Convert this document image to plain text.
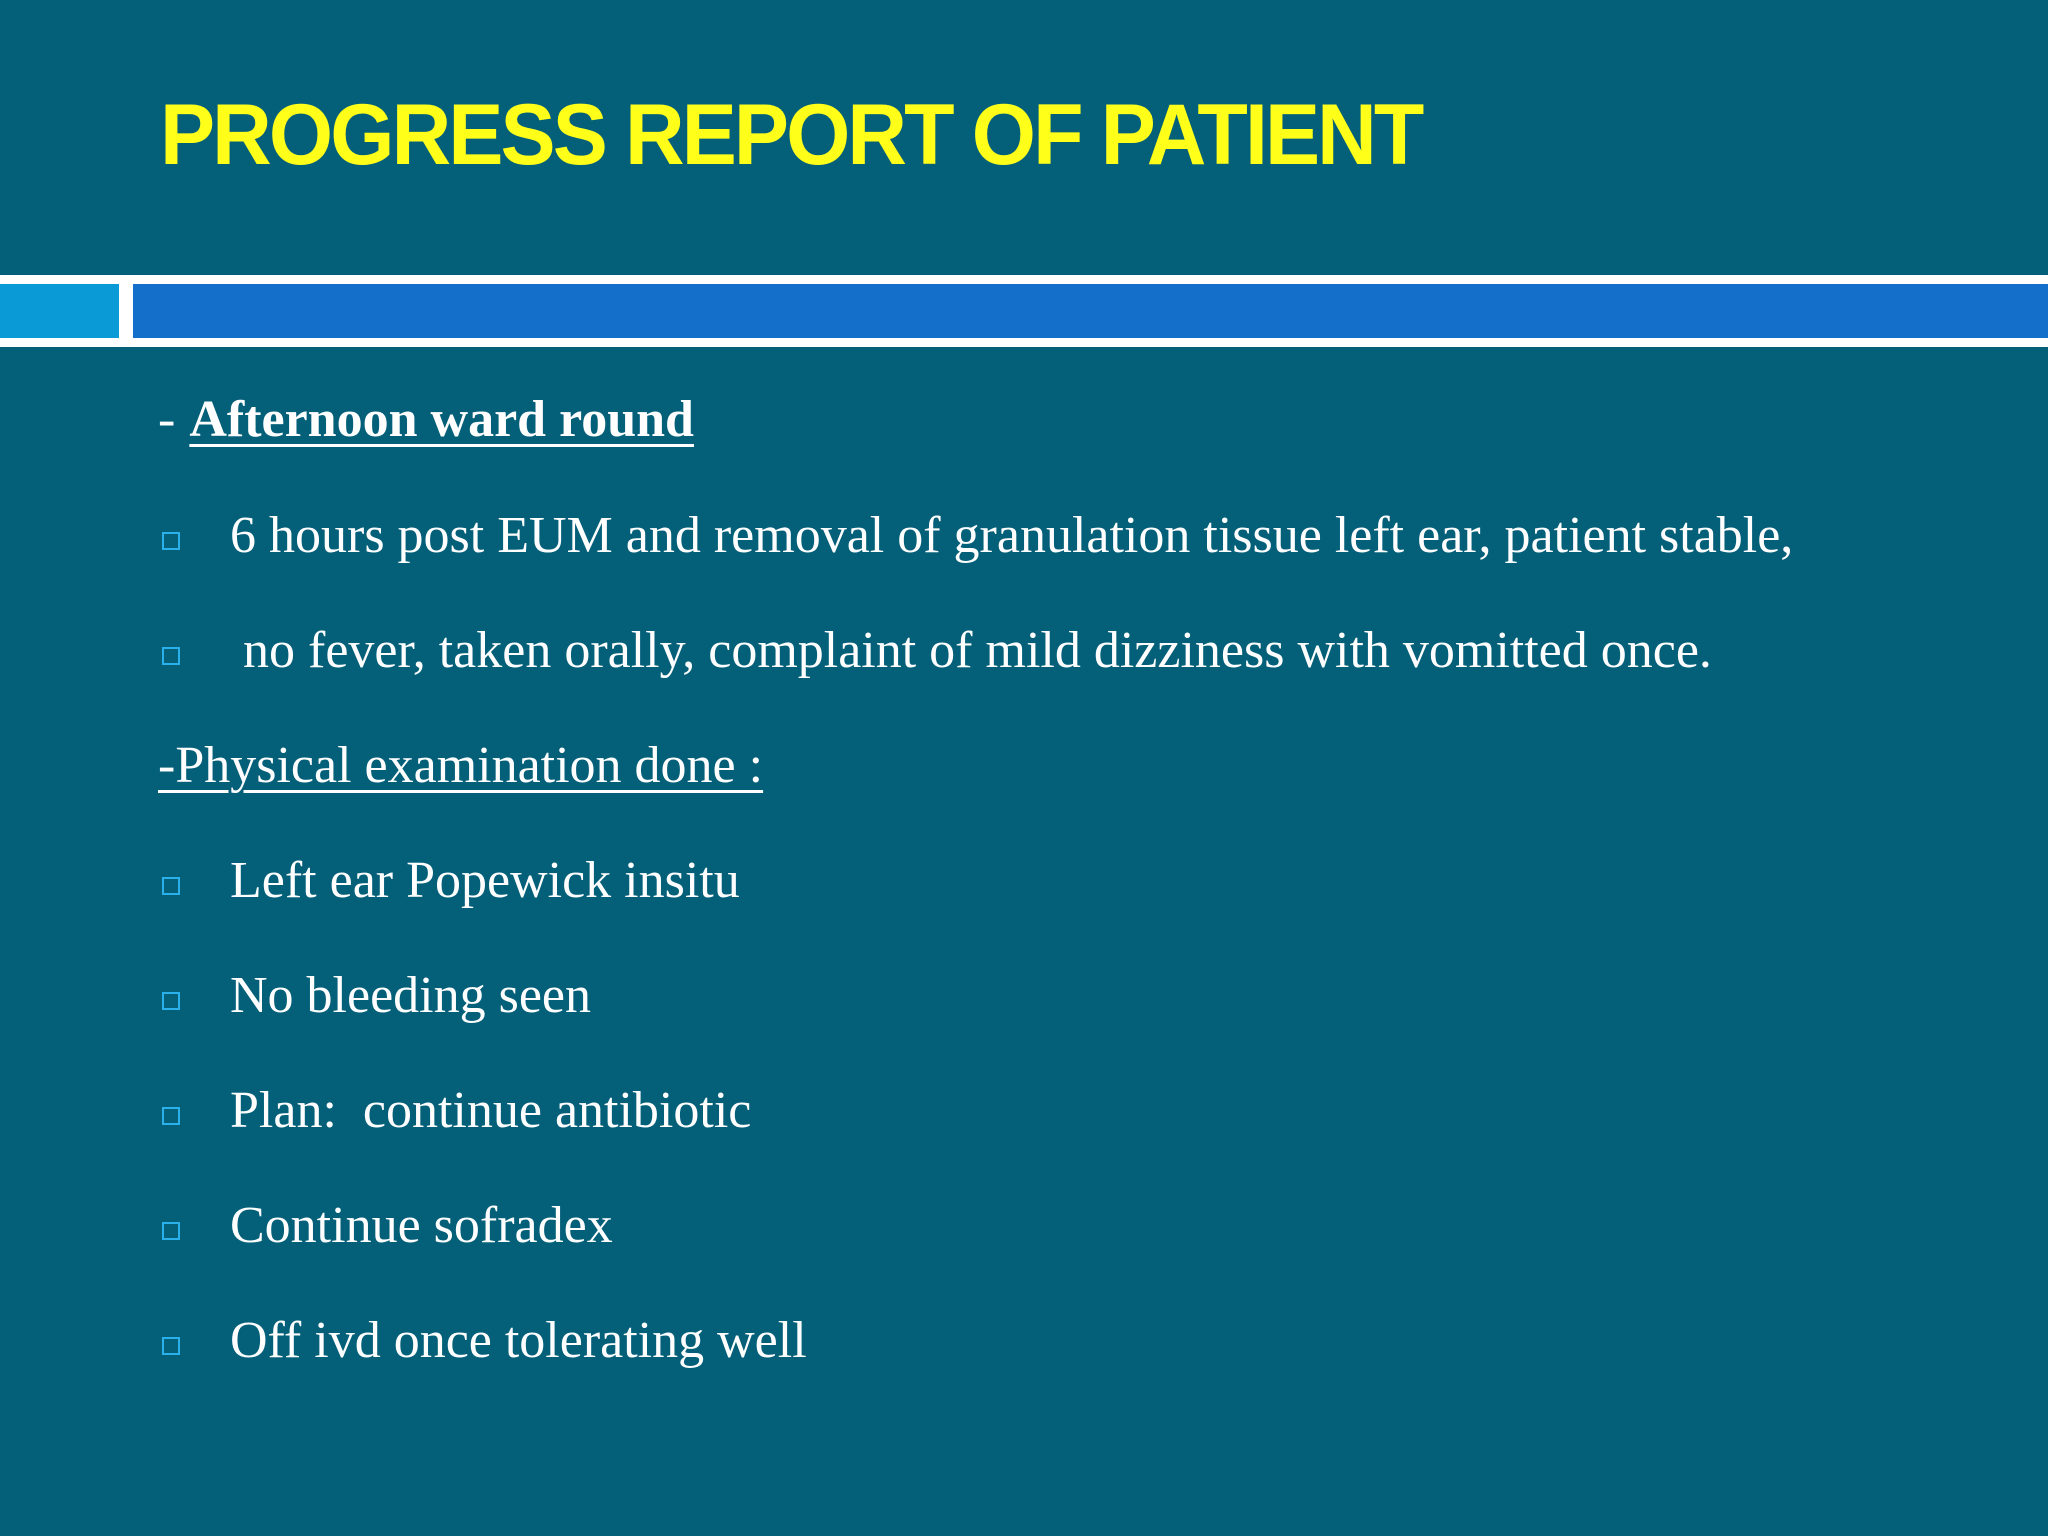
PROGRESS REPORT OF PATIENT
- Afternoon ward round
6 hours post EUM and removal of granulation tissue left ear, patient stable,
no fever, taken orally, complaint of mild dizziness with vomitted once.
-Physical examination done :
Left ear Popewick insitu
No bleeding seen
Plan:  continue antibiotic
Continue sofradex
Off ivd once tolerating well
